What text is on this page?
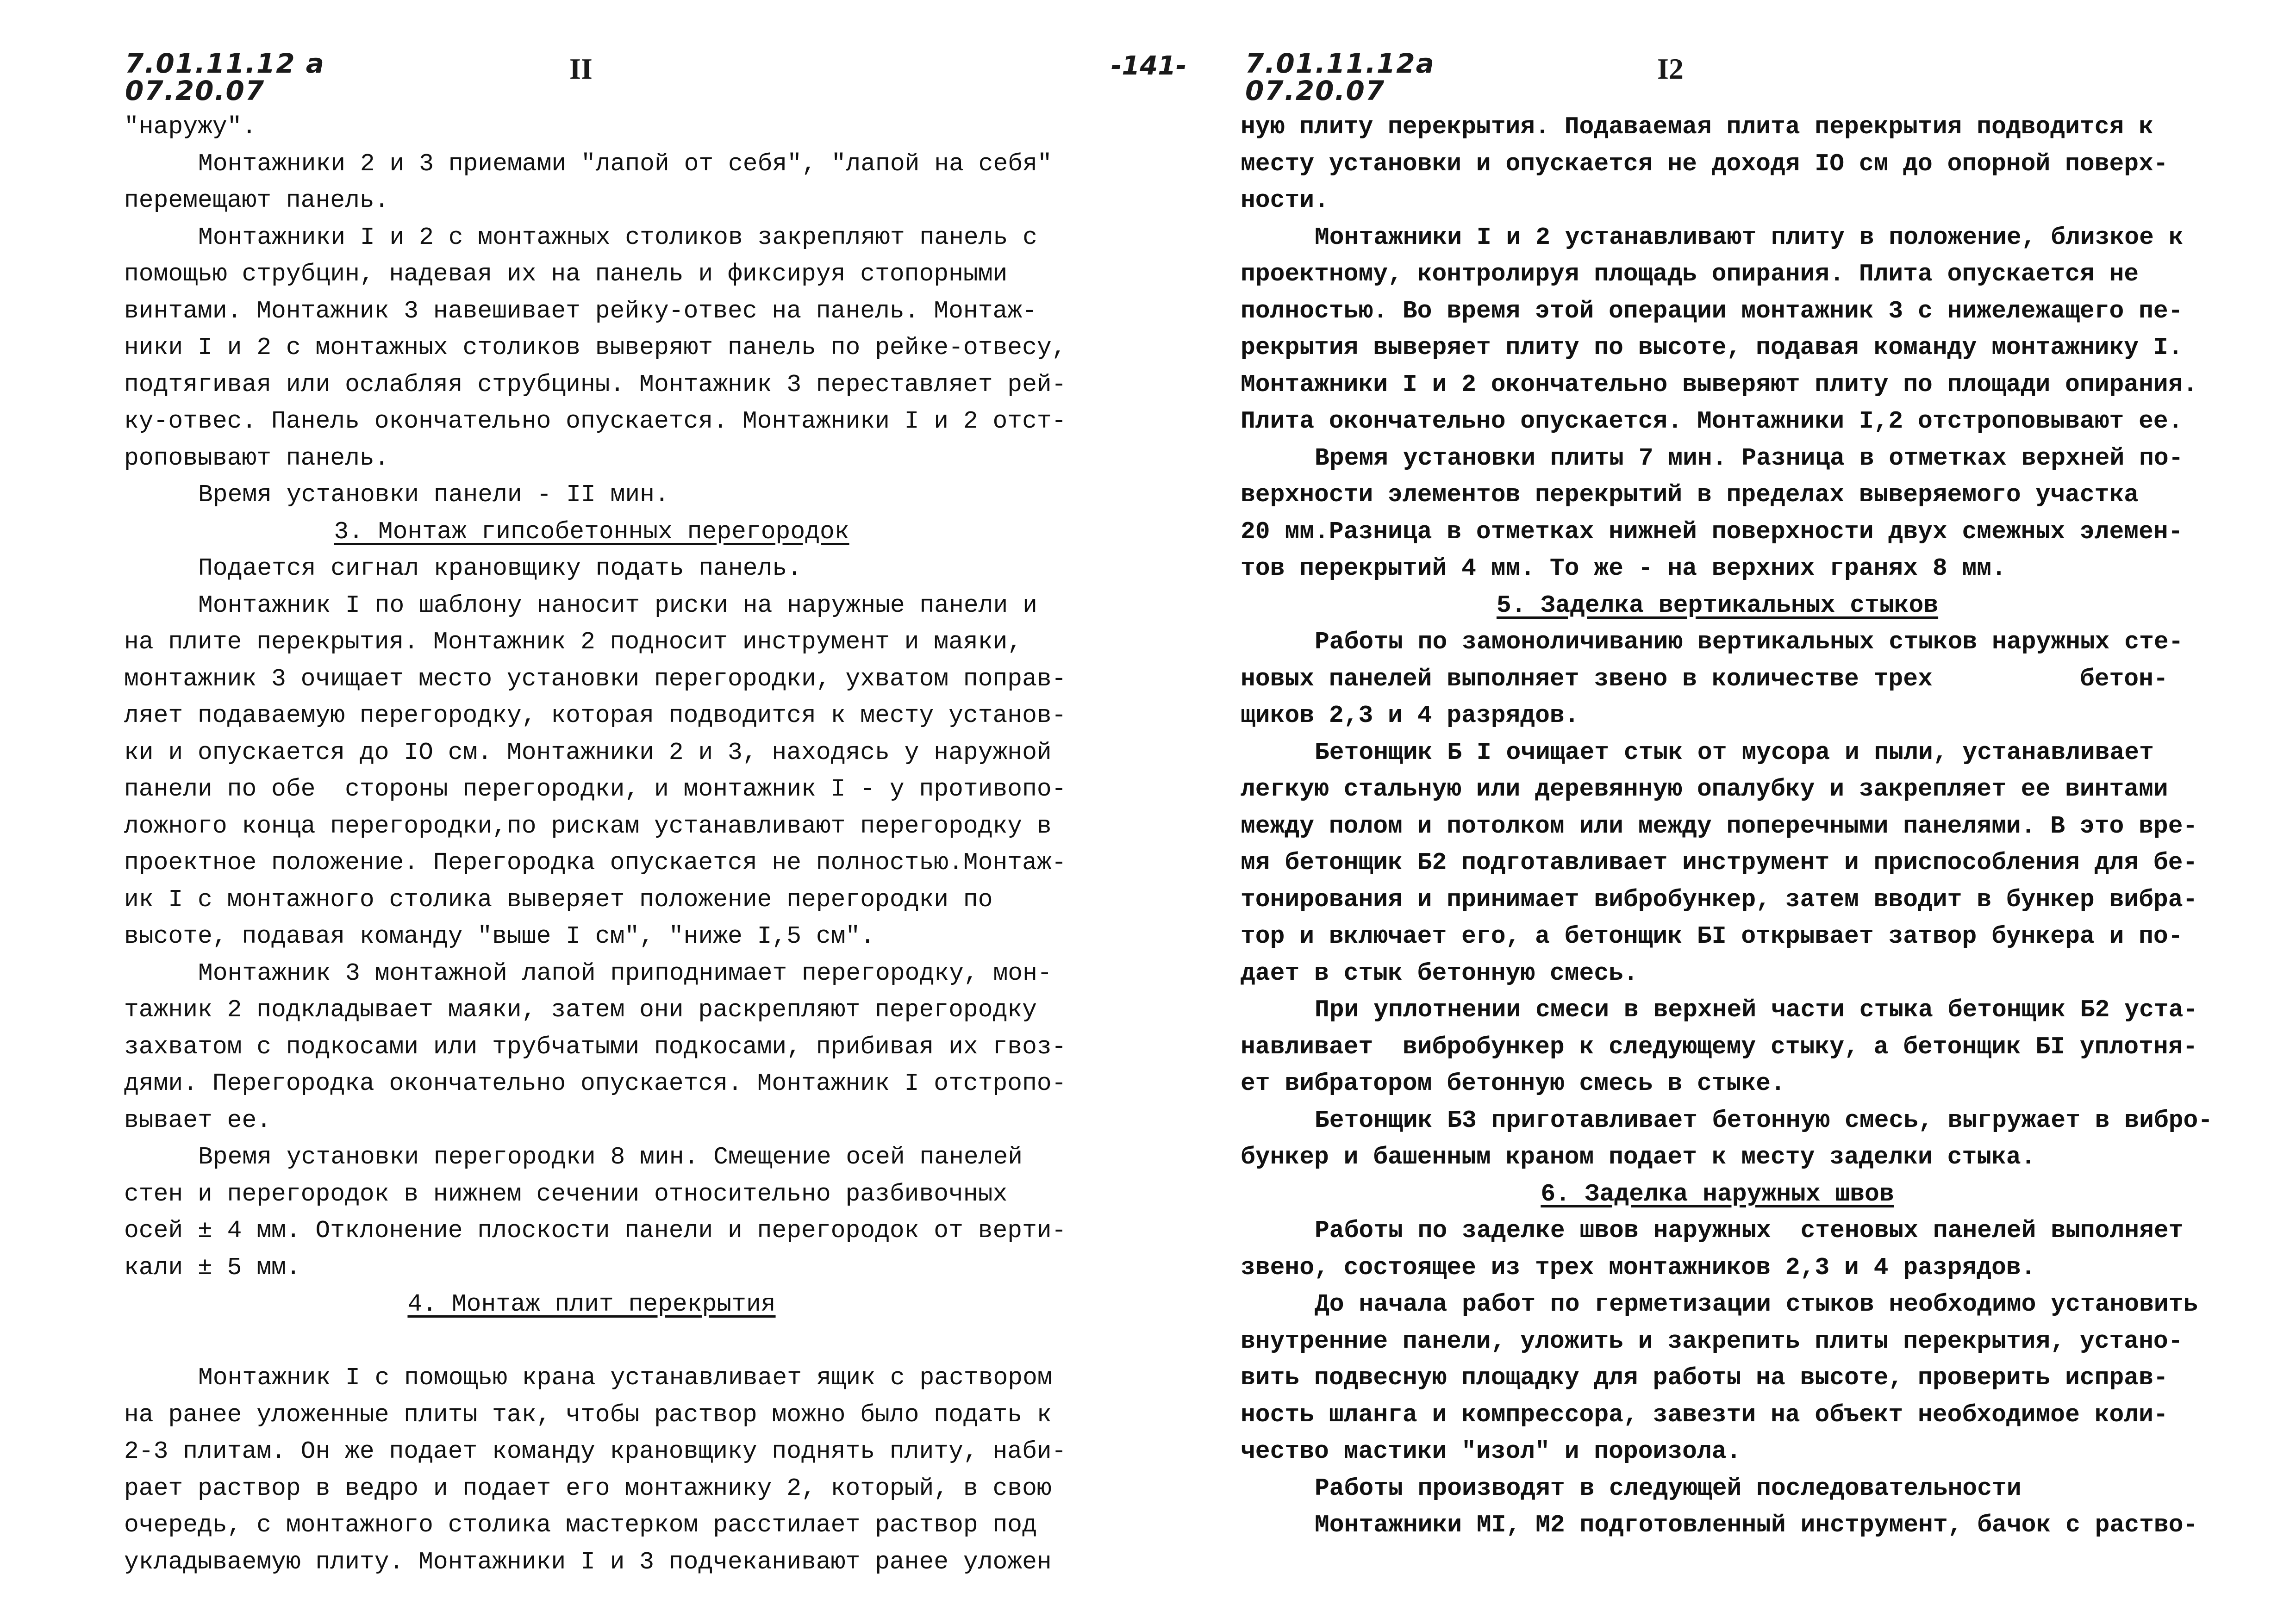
7.01.11.12 a
07.20.07
II
"наружу".
Монтажники 2 и 3 приемами "лапой от себя", "лапой на себя"
перемещают панель.
Монтажники I и 2 с монтажных столиков закрепляют панель с
помощью струбцин, надевая их на панель и фиксируя стопорными
винтами. Монтажник 3 навешивает рейку-отвес на панель. Монтаж-
ники I и 2 с монтажных столиков выверяют панель по рейке-отвесу,
подтягивая или ослабляя струбцины. Монтажник 3 переставляет рей-
ку-отвес. Панель окончательно опускается. Монтажники I и 2 отст-
роповывают панель.
Время установки панели - II мин.
3. Монтаж гипсобетонных перегородок
Подается сигнал крановщику подать панель.
Монтажник I по шаблону наносит риски на наружные панели и
на плите перекрытия. Монтажник 2 подносит инструмент и маяки,
монтажник 3 очищает место установки перегородки, ухватом поправ-
ляет подаваемую перегородку, которая подводится к месту установ-
ки и опускается до IO см. Монтажники 2 и 3, находясь у наружной
панели по обе  стороны перегородки, и монтажник I - у противопо-
ложного конца перегородки,по рискам устанавливают перегородку в
проектное положение. Перегородка опускается не полностью.Монтаж-
ик I с монтажного столика выверяет положение перегородки по
высоте, подавая команду "выше I см", "ниже I,5 см".
Монтажник 3 монтажной лапой приподнимает перегородку, мон-
тажник 2 подкладывает маяки, затем они раскрепляют перегородку
захватом с подкосами или трубчатыми подкосами, прибивая их гвоз-
дями. Перегородка окончательно опускается. Монтажник I отстропо-
вывает ее.
Время установки перегородки 8 мин. Смещение осей панелей
стен и перегородок в нижнем сечении относительно разбивочных
осей ± 4 мм. Отклонение плоскости панели и перегородок от верти-
кали ± 5 мм.
4. Монтаж плит перекрытия
Монтажник I с помощью крана устанавливает ящик с раствором
на ранее уложенные плиты так, чтобы раствор можно было подать к
2-3 плитам. Он же подает команду крановщику поднять плиту, наби-
рает раствор в ведро и подает его монтажнику 2, который, в свою
очередь, с монтажного столика мастерком расстилает раствор под
укладываемую плиту. Монтажники I и 3 подчеканивают ранее уложен
-141- 7.01.11.12a
07.20.07
I2
ную плиту перекрытия. Подаваемая плита перекрытия подводится к
месту установки и опускается не доходя IO см до опорной поверх-
ности.
Монтажники I и 2 устанавливают плиту в положение, близкое к
проектному, контролируя площадь опирания. Плита опускается не
полностью. Во время этой операции монтажник 3 с нижележащего пе-
рекрытия выверяет плиту по высоте, подавая команду монтажнику I.
Монтажники I и 2 окончательно выверяют плиту по площади опирания.
Плита окончательно опускается. Монтажники I,2 отстроповывают ее.
Время установки плиты 7 мин. Разница в отметках верхней по-
верхности элементов перекрытий в пределах выверяемого участка
20 мм.Разница в отметках нижней поверхности двух смежных элемен-
тов перекрытий 4 мм. То же - на верхних гранях 8 мм.
5. Заделка вертикальных стыков
Работы по замоноличиванию вертикальных стыков наружных сте-
новых панелей выполняет звено в количестве трех          бетон-
щиков 2,3 и 4 разрядов.
Бетонщик Б I очищает стык от мусора и пыли, устанавливает
легкую стальную или деревянную опалубку и закрепляет ее винтами
между полом и потолком или между поперечными панелями. В это вре-
мя бетонщик Б2 подготавливает инструмент и приспособления для бе-
тонирования и принимает вибробункер, затем вводит в бункер вибра-
тор и включает его, а бетонщик БI открывает затвор бункера и по-
дает в стык бетонную смесь.
При уплотнении смеси в верхней части стыка бетонщик Б2 уста-
навливает  вибробункер к следующему стыку, а бетонщик БI уплотня-
ет вибратором бетонную смесь в стыке.
Бетонщик Б3 приготавливает бетонную смесь, выгружает в вибро-
бункер и башенным краном подает к месту заделки стыка.
6. Заделка наружных швов
Работы по заделке швов наружных  стеновых панелей выполняет
звено, состоящее из трех монтажников 2,3 и 4 разрядов.
До начала работ по герметизации стыков необходимо установить
внутренние панели, уложить и закрепить плиты перекрытия, устано-
вить подвесную площадку для работы на высоте, проверить исправ-
ность шланга и компрессора, завезти на объект необходимое коли-
чество мастики "изол" и пороизола.
Работы производят в следующей последовательности
Монтажники МI, М2 подготовленный инструмент, бачок с раство-
